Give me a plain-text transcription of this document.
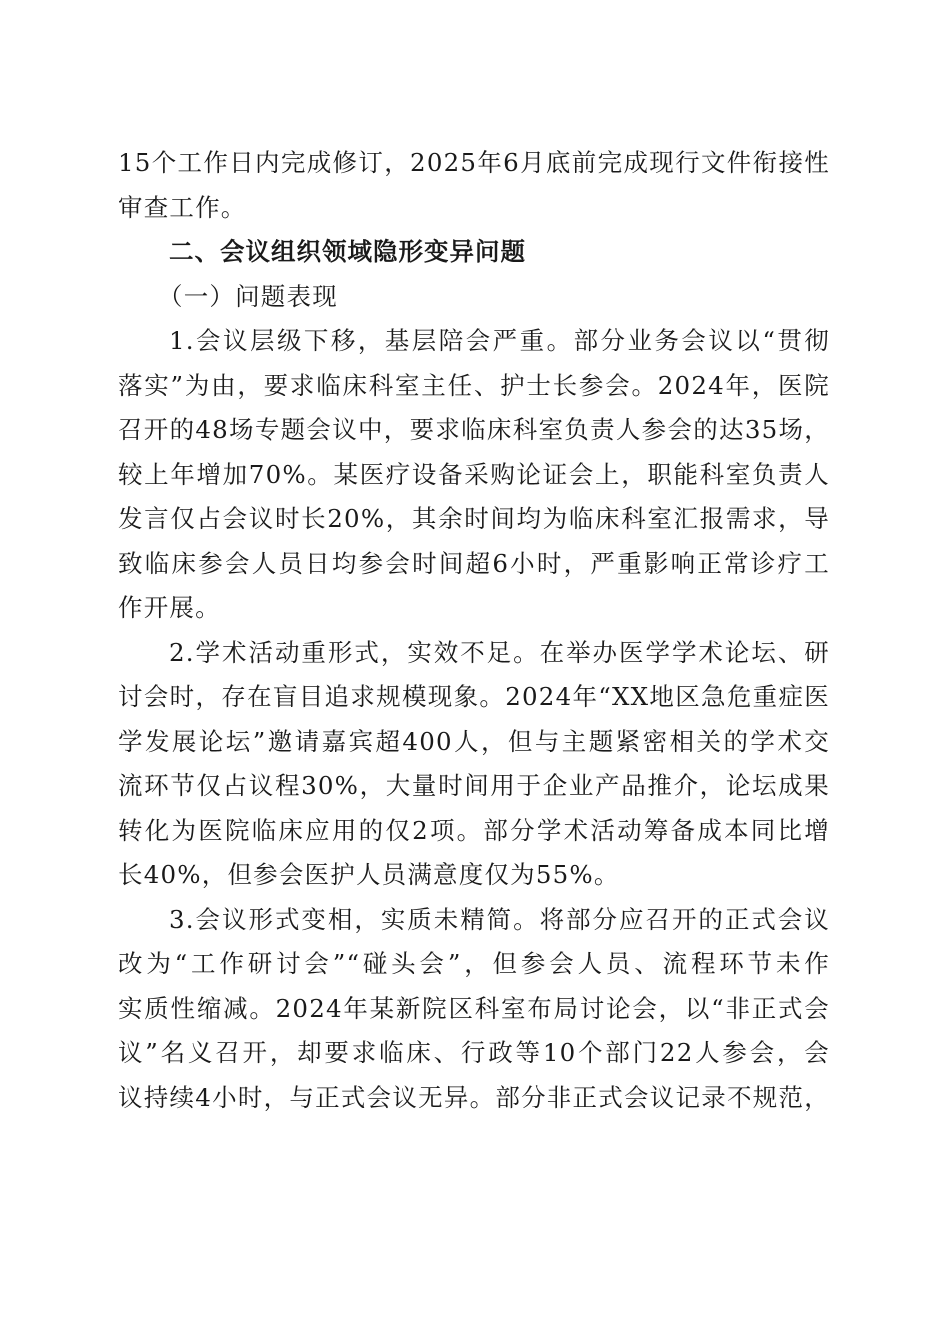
15个工作日内完成修订，2025年6月底前完成现行文件衔接性
审查工作。
二、会议组织领域隐形变异问题
（一）问题表现
1.会议层级下移，基层陪会严重。部分业务会议以“贯彻
落实”为由，要求临床科室主任、护士长参会。2024年，医院
召开的48场专题会议中，要求临床科室负责人参会的达35场，
较上年增加70%。某医疗设备采购论证会上，职能科室负责人
发言仅占会议时长20%，其余时间均为临床科室汇报需求，导
致临床参会人员日均参会时间超6小时，严重影响正常诊疗工
作开展。
2.学术活动重形式，实效不足。在举办医学学术论坛、研
讨会时，存在盲目追求规模现象。2024年“XX地区急危重症医
学发展论坛”邀请嘉宾超400人，但与主题紧密相关的学术交
流环节仅占议程30%，大量时间用于企业产品推介，论坛成果
转化为医院临床应用的仅2项。部分学术活动筹备成本同比增
长40%，但参会医护人员满意度仅为55%。
3.会议形式变相，实质未精简。将部分应召开的正式会议
改为“工作研讨会”“碰头会”，但参会人员、流程环节未作
实质性缩减。2024年某新院区科室布局讨论会，以“非正式会
议”名义召开，却要求临床、行政等10个部门22人参会，会
议持续4小时，与正式会议无异。部分非正式会议记录不规范，
